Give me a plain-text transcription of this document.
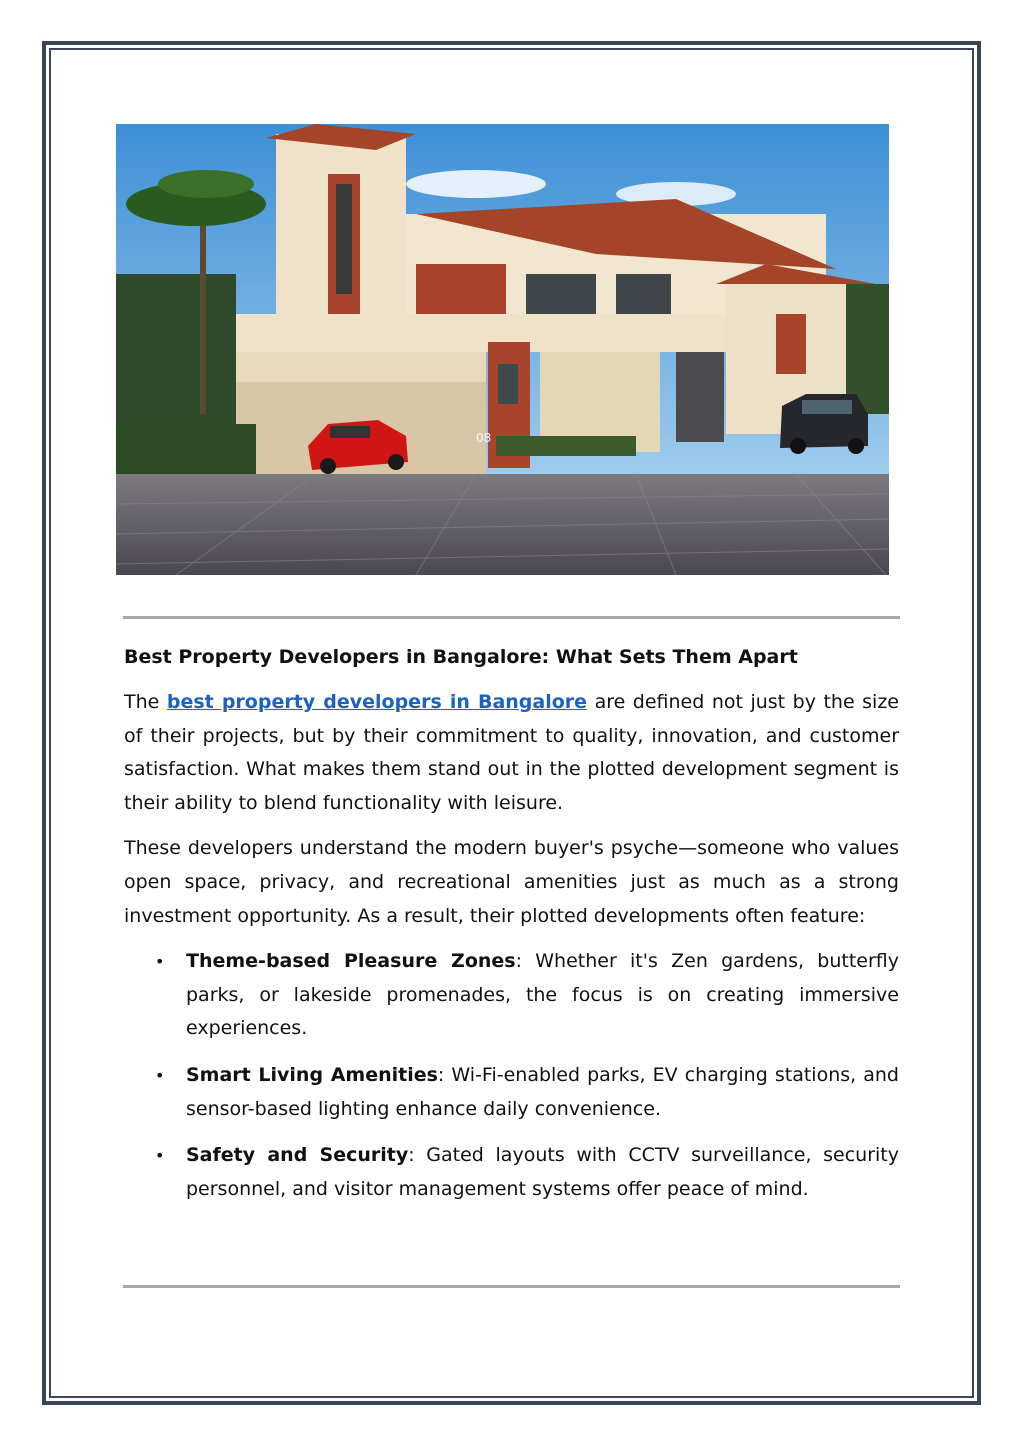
08
Best Property Developers in Bangalore: What Sets Them Apart

The best property developers in Bangalore are defined not just by the size of their projects, but by their commitment to quality, innovation, and customer satisfaction. What makes them stand out in the plotted development segment is their ability to blend functionality with leisure.

These developers understand the modern buyer's psyche—someone who values open space, privacy, and recreational amenities just as much as a strong investment opportunity. As a result, their plotted developments often feature:

• Theme-based Pleasure Zones: Whether it's Zen gardens, butterfly parks, or lakeside promenades, the focus is on creating immersive experiences.
• Smart Living Amenities: Wi-Fi-enabled parks, EV charging stations, and sensor-based lighting enhance daily convenience.
• Safety and Security: Gated layouts with CCTV surveillance, security personnel, and visitor management systems offer peace of mind.
